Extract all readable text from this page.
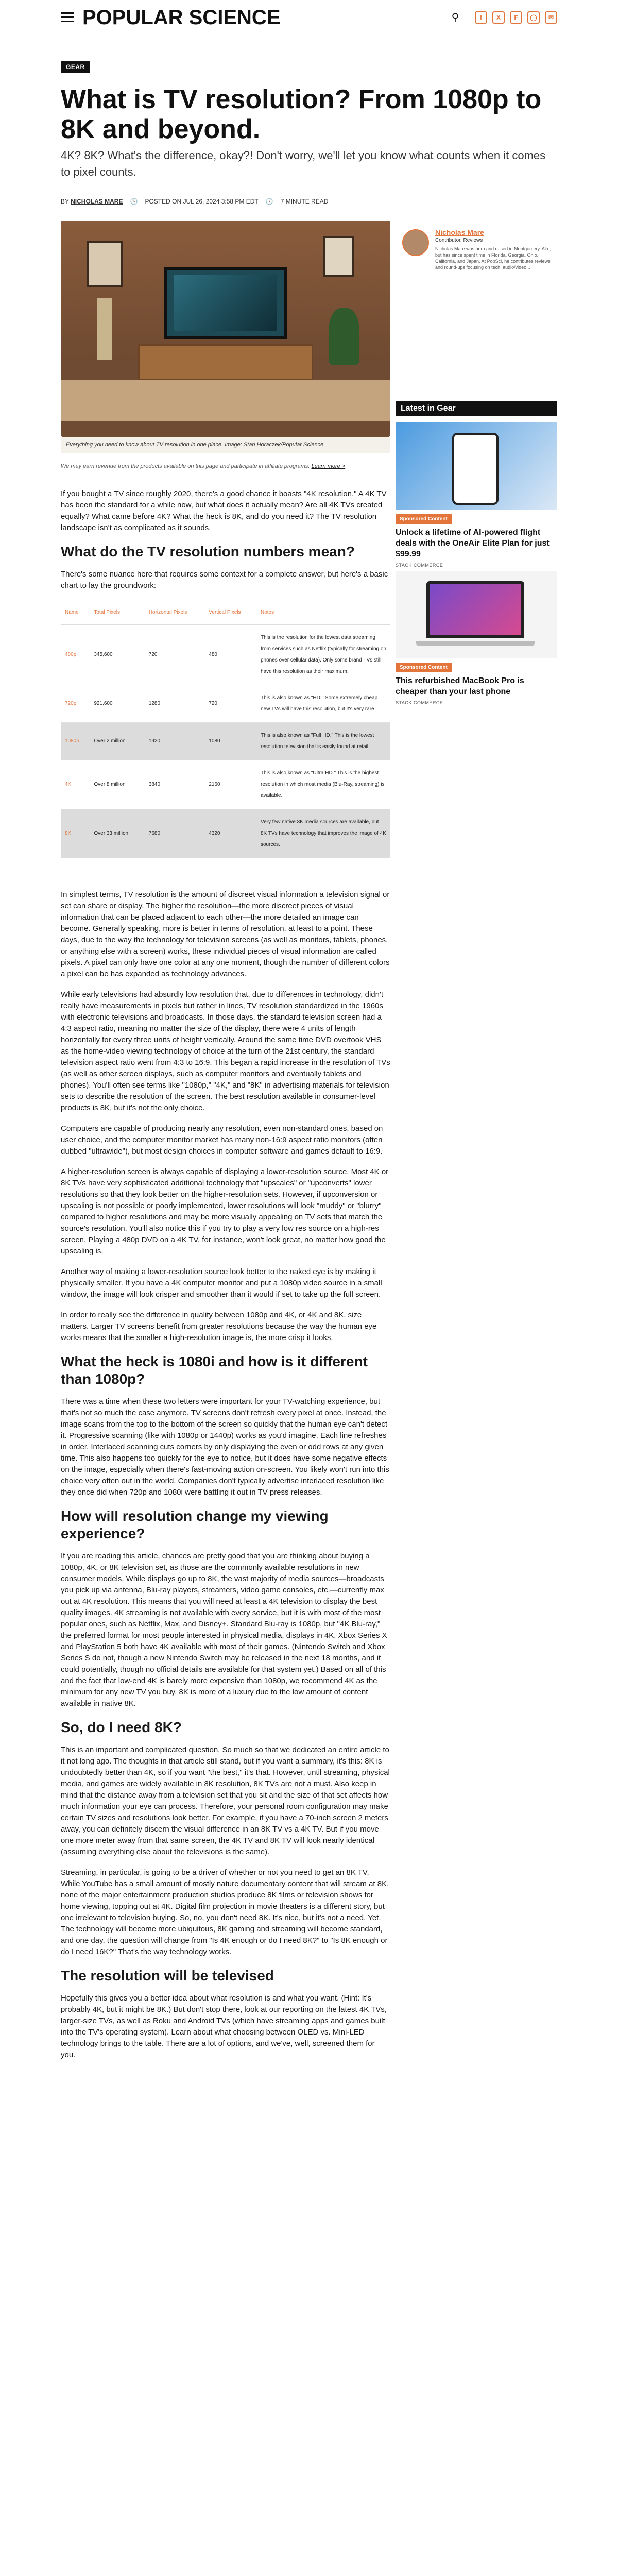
POPULAR SCIENCE	⚲	f	X	F	◯	✉
GEAR
What is TV resolution? From 1080p to 8K and beyond.
4K? 8K? What's the difference, okay?! Don't worry, we'll let you know what counts when it comes to pixel counts.
BY NICHOLAS MARE 🕓 POSTED ON JUL 26, 2024 3:58 PM EDT 🕔 7 MINUTE READ
Everything you need to know about TV resolution in one place. Image: Stan Horaczek/Popular Science
We may earn revenue from the products available on this page and participate in affiliate programs. Learn more >

If you bought a TV since roughly 2020, there's a good chance it boasts "4K resolution." A 4K TV has been the standard for a while now, but what does it actually mean? Are all 4K TVs created equally? What came before 4K? What the heck is 8K, and do you need it? The TV resolution landscape isn't as complicated as it sounds.

What do the TV resolution numbers mean?

There's some nuance here that requires some context for a complete answer, but here's a basic chart to lay the groundwork:

Name	Total Pixels	Horizontal Pixels	Vertical Pixels	Notes
480p	345,600	720	480	This is the resolution for the lowest data streaming from services such as Netflix (typically for streaming on phones over cellular data). Only some brand TVs still have this resolution as their maximum.
720p	921,600	1280	720	This is also known as "HD." Some extremely cheap new TVs will have this resolution, but it's very rare.
1080p	Over 2 million	1920	1080	This is also known as "Full HD." This is the lowest resolution television that is easily found at retail.
4K	Over 8 million	3840	2160	This is also known as "Ultra HD." This is the highest resolution in which most media (Blu-Ray, streaming) is available.
8K	Over 33 million	7680	4320	Very few native 8K media sources are available, but 8K TVs have technology that improves the image of 4K sources.

In simplest terms, TV resolution is the amount of discreet visual information a television signal or set can share or display. The higher the resolution—the more discreet pieces of visual information that can be placed adjacent to each other—the more detailed an image can become. Generally speaking, more is better in terms of resolution, at least to a point. These days, due to the way the technology for television screens (as well as monitors, tablets, phones, or anything else with a screen) works, these individual pieces of visual information are called pixels. A pixel can only have one color at any one moment, though the number of different colors a pixel can be has expanded as technology advances.

While early televisions had absurdly low resolution that, due to differences in technology, didn't really have measurements in pixels but rather in lines, TV resolution standardized in the 1960s with electronic televisions and broadcasts. In those days, the standard television screen had a 4:3 aspect ratio, meaning no matter the size of the display, there were 4 units of length horizontally for every three units of height vertically. Around the same time DVD overtook VHS as the home-video viewing technology of choice at the turn of the 21st century, the standard television aspect ratio went from 4:3 to 16:9. This began a rapid increase in the resolution of TVs (as well as other screen displays, such as computer monitors and eventually tablets and phones). You'll often see terms like "1080p," "4K," and "8K" in advertising materials for television sets to describe the resolution of the screen. The best resolution available in consumer-level products is 8K, but it's not the only choice.

Computers are capable of producing nearly any resolution, even non-standard ones, based on user choice, and the computer monitor market has many non-16:9 aspect ratio monitors (often dubbed "ultrawide"), but most design choices in computer software and games default to 16:9.

A higher-resolution screen is always capable of displaying a lower-resolution source. Most 4K or 8K TVs have very sophisticated additional technology that "upscales" or "upconverts" lower resolutions so that they look better on the higher-resolution sets. However, if upconversion or upscaling is not possible or poorly implemented, lower resolutions will look "muddy" or "blurry" compared to higher resolutions and may be more visually appealing on TV sets that match the source's resolution. You'll also notice this if you try to play a very low res source on a high-res screen. Playing a 480p DVD on a 4K TV, for instance, won't look great, no matter how good the upscaling is.

Another way of making a lower-resolution source look better to the naked eye is by making it physically smaller. If you have a 4K computer monitor and put a 1080p video source in a small window, the image will look crisper and smoother than it would if set to take up the full screen.

In order to really see the difference in quality between 1080p and 4K, or 4K and 8K, size matters. Larger TV screens benefit from greater resolutions because the way the human eye works means that the smaller a high-resolution image is, the more crisp it looks.

What the heck is 1080i and how is it different than 1080p?

There was a time when these two letters were important for your TV-watching experience, but that's not so much the case anymore. TV screens don't refresh every pixel at once. Instead, the image scans from the top to the bottom of the screen so quickly that the human eye can't detect it. Progressive scanning (like with 1080p or 1440p) works as you'd imagine. Each line refreshes in order. Interlaced scanning cuts corners by only displaying the even or odd rows at any given time. This also happens too quickly for the eye to notice, but it does have some negative effects on the image, especially when there's fast-moving action on-screen. You likely won't run into this choice very often out in the world. Companies don't typically advertise interlaced resolution like they once did when 720p and 1080i were battling it out in TV press releases.

How will resolution change my viewing experience?

If you are reading this article, chances are pretty good that you are thinking about buying a 1080p, 4K, or 8K television set, as those are the commonly available resolutions in new consumer models. While displays go up to 8K, the vast majority of media sources—broadcasts you pick up via antenna, Blu-ray players, streamers, video game consoles, etc.—currently max out at 4K resolution. This means that you will need at least a 4K television to display the best quality images. 4K streaming is not available with every service, but it is with most of the most popular ones, such as Netflix, Max, and Disney+. Standard Blu-ray is 1080p, but "4K Blu-ray," the preferred format for most people interested in physical media, displays in 4K. Xbox Series X and PlayStation 5 both have 4K available with most of their games. (Nintendo Switch and Xbox Series S do not, though a new Nintendo Switch may be released in the next 18 months, and it could potentially, though no official details are available for that system yet.) Based on all of this and the fact that low-end 4K is barely more expensive than 1080p, we recommend 4K as the minimum for any new TV you buy. 8K is more of a luxury due to the low amount of content available in native 8K.

So, do I need 8K?

This is an important and complicated question. So much so that we dedicated an entire article to it not long ago. The thoughts in that article still stand, but if you want a summary, it's this: 8K is undoubtedly better than 4K, so if you want "the best," it's that. However, until streaming, physical media, and games are widely available in 8K resolution, 8K TVs are not a must. Also keep in mind that the distance away from a television set that you sit and the size of that set affects how much information your eye can process. Therefore, your personal room configuration may make certain TV sizes and resolutions look better. For example, if you have a 70-inch screen 2 meters away, you can definitely discern the visual difference in an 8K TV vs a 4K TV. But if you move one more meter away from that same screen, the 4K TV and 8K TV will look nearly identical (assuming everything else about the televisions is the same).

Streaming, in particular, is going to be a driver of whether or not you need to get an 8K TV. While YouTube has a small amount of mostly nature documentary content that will stream at 8K, none of the major entertainment production studios produce 8K films or television shows for home viewing, topping out at 4K. Digital film projection in movie theaters is a different story, but one irrelevant to television buying. So, no, you don't need 8K. It's nice, but it's not a need. Yet. The technology will become more ubiquitous, 8K gaming and streaming will become standard, and one day, the question will change from "Is 4K enough or do I need 8K?" to "Is 8K enough or do I need 16K?" That's the way technology works.

The resolution will be televised

Hopefully this gives you a better idea about what resolution is and what you want. (Hint: It's probably 4K, but it might be 8K.) But don't stop there, look at our reporting on the latest 4K TVs, larger-size TVs, as well as Roku and Android TVs (which have streaming apps and games built into the TV's operating system). Learn about what choosing between OLED vs. Mini-LED technology brings to the table. There are a lot of options, and we've, well, screened them for you.

Nicholas Mare
Contributor, Reviews
Nicholas Mare was born and raised in Montgomery, Ala., but has since spent time in Florida, Georgia, Ohio, California, and Japan. At PopSci, he contributes reviews and round-ups focusing on tech, audio/video...
Latest in Gear
Sponsored Content
Unlock a lifetime of AI-powered flight deals with the OneAir Elite Plan for just $99.99
STACK COMMERCE
Sponsored Content
This refurbished MacBook Pro is cheaper than your last phone
STACK COMMERCE
